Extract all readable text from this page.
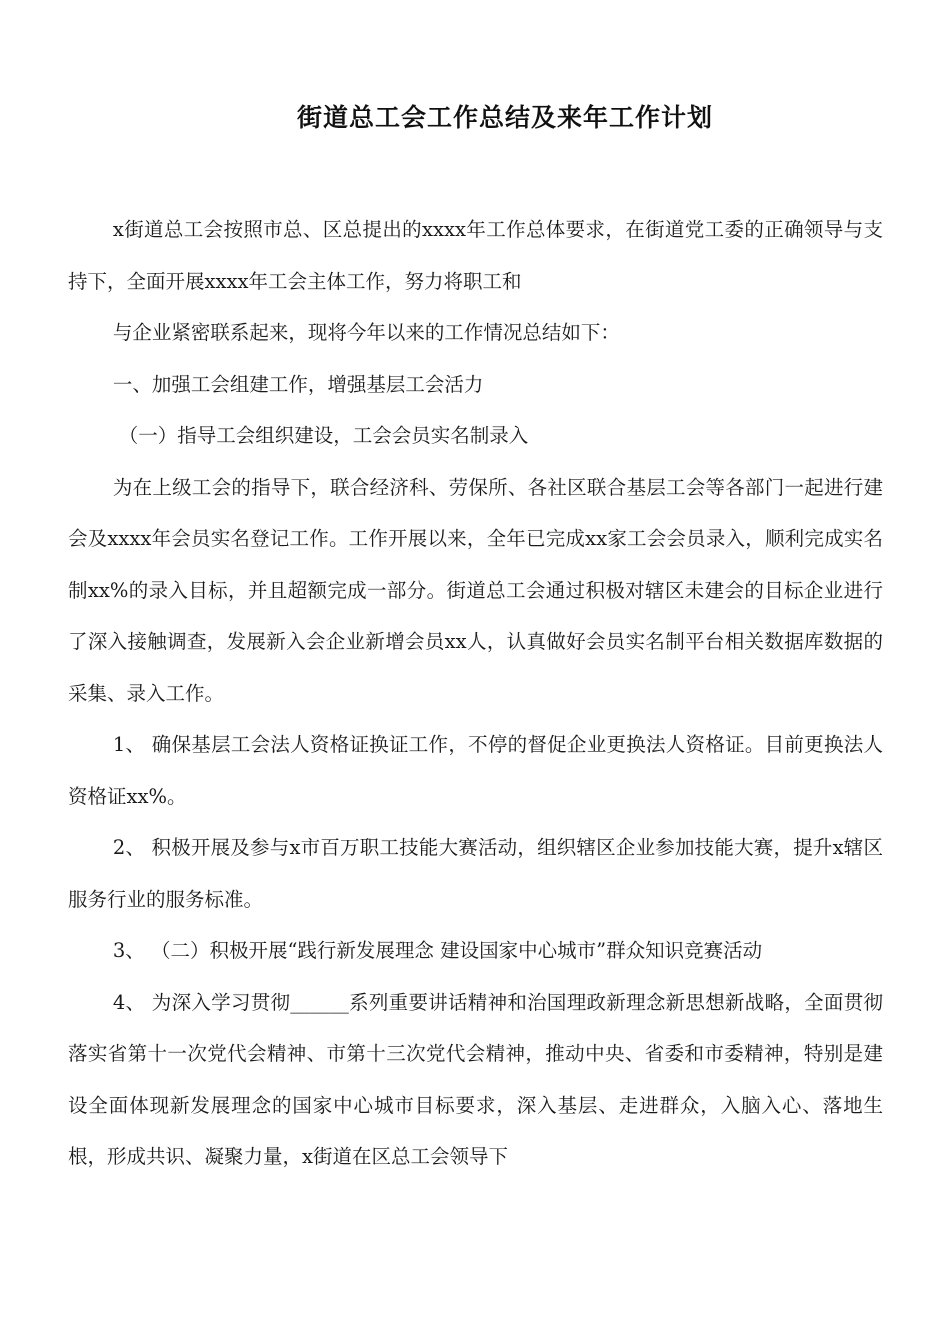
街道总工会工作总结及来年工作计划

x街道总工会按照市总、区总提出的xxxx年工作总体要求，在街道党工委的正确领导与支持下，全面开展xxxx年工会主体工作，努力将职工和

与企业紧密联系起来，现将今年以来的工作情况总结如下：

一、加强工会组建工作，增强基层工会活力

（一）指导工会组织建设，工会会员实名制录入

为在上级工会的指导下，联合经济科、劳保所、各社区联合基层工会等各部门一起进行建会及xxxx年会员实名登记工作。工作开展以来，全年已完成xx家工会会员录入，顺利完成实名制xx%的录入目标，并且超额完成一部分。街道总工会通过积极对辖区未建会的目标企业进行了深入接触调查，发展新入会企业新增会员xx人，认真做好会员实名制平台相关数据库数据的采集、录入工作。

1、 确保基层工会法人资格证换证工作，不停的督促企业更换法人资格证。目前更换法人资格证xx%。

2、 积极开展及参与x市百万职工技能大赛活动，组织辖区企业参加技能大赛，提升x辖区服务行业的服务标准。

3、 （二）积极开展“践行新发展理念 建设国家中心城市”群众知识竞赛活动

4、 为深入学习贯彻______系列重要讲话精神和治国理政新理念新思想新战略，全面贯彻落实省第十一次党代会精神、市第十三次党代会精神，推动中央、省委和市委精神，特别是建设全面体现新发展理念的国家中心城市目标要求，深入基层、走进群众，入脑入心、落地生根，形成共识、凝聚力量，x街道在区总工会领导下
